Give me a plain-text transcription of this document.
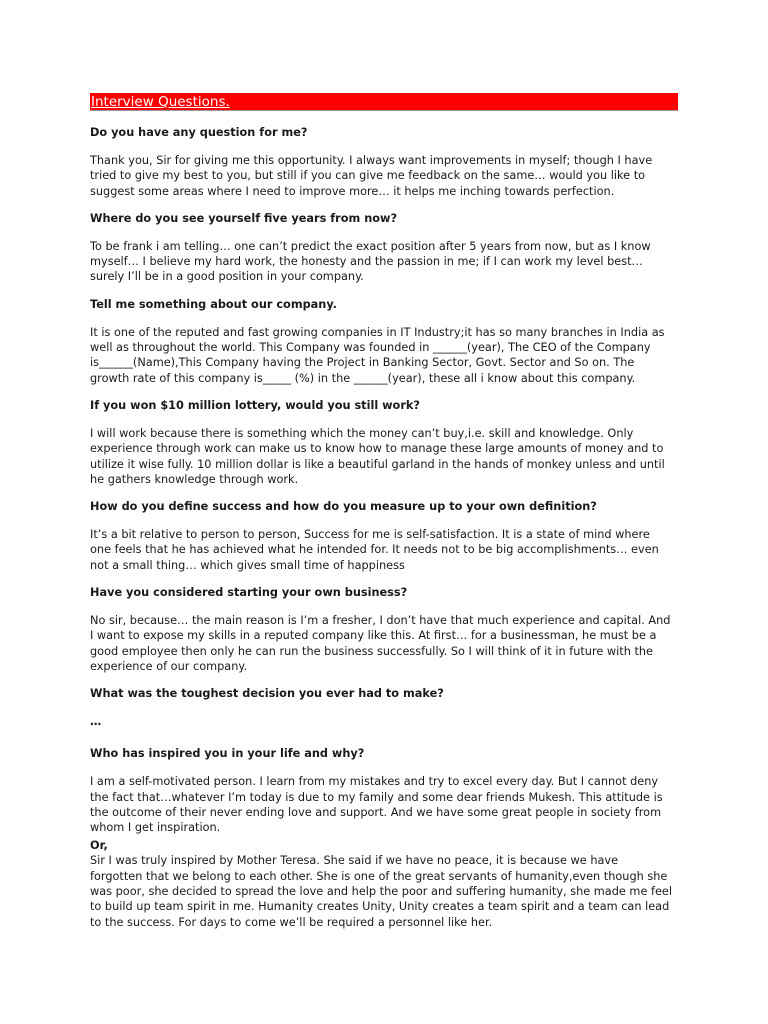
Interview Questions.
Do you have any question for me?
Thank you, Sir for giving me this opportunity. I always want improvements in myself; though I have
tried to give my best to you, but still if you can give me feedback on the same… would you like to
suggest some areas where I need to improve more… it helps me inching towards perfection.
Where do you see yourself five years from now?
To be frank i am telling… one can’t predict the exact position after 5 years from now, but as I know
myself… I believe my hard work, the honesty and the passion in me; if I can work my level best…
surely I’ll be in a good position in your company.
Tell me something about our company.
It is one of the reputed and fast growing companies in IT Industry;it has so many branches in India as
well as throughout the world. This Company was founded in ______(year), The CEO of the Company
is______(Name),This Company having the Project in Banking Sector, Govt. Sector and So on. The
growth rate of this company is_____ (%) in the ______(year), these all i know about this company.
If you won $10 million lottery, would you still work?
I will work because there is something which the money can’t buy,i.e. skill and knowledge. Only
experience through work can make us to know how to manage these large amounts of money and to
utilize it wise fully. 10 million dollar is like a beautiful garland in the hands of monkey unless and until
he gathers knowledge through work.
How do you define success and how do you measure up to your own definition?
It’s a bit relative to person to person, Success for me is self-satisfaction. It is a state of mind where
one feels that he has achieved what he intended for. It needs not to be big accomplishments… even
not a small thing… which gives small time of happiness
Have you considered starting your own business?
No sir, because… the main reason is I’m a fresher, I don’t have that much experience and capital. And
I want to expose my skills in a reputed company like this. At first… for a businessman, he must be a
good employee then only he can run the business successfully. So I will think of it in future with the
experience of our company.
What was the toughest decision you ever had to make?
…
Who has inspired you in your life and why?
I am a self-motivated person. I learn from my mistakes and try to excel every day. But I cannot deny
the fact that…whatever I’m today is due to my family and some dear friends Mukesh. This attitude is
the outcome of their never ending love and support. And we have some great people in society from
whom I get inspiration.
Or,
Sir I was truly inspired by Mother Teresa. She said if we have no peace, it is because we have
forgotten that we belong to each other. She is one of the great servants of humanity,even though she
was poor, she decided to spread the love and help the poor and suffering humanity, she made me feel
to build up team spirit in me. Humanity creates Unity, Unity creates a team spirit and a team can lead
to the success. For days to come we’ll be required a personnel like her.
